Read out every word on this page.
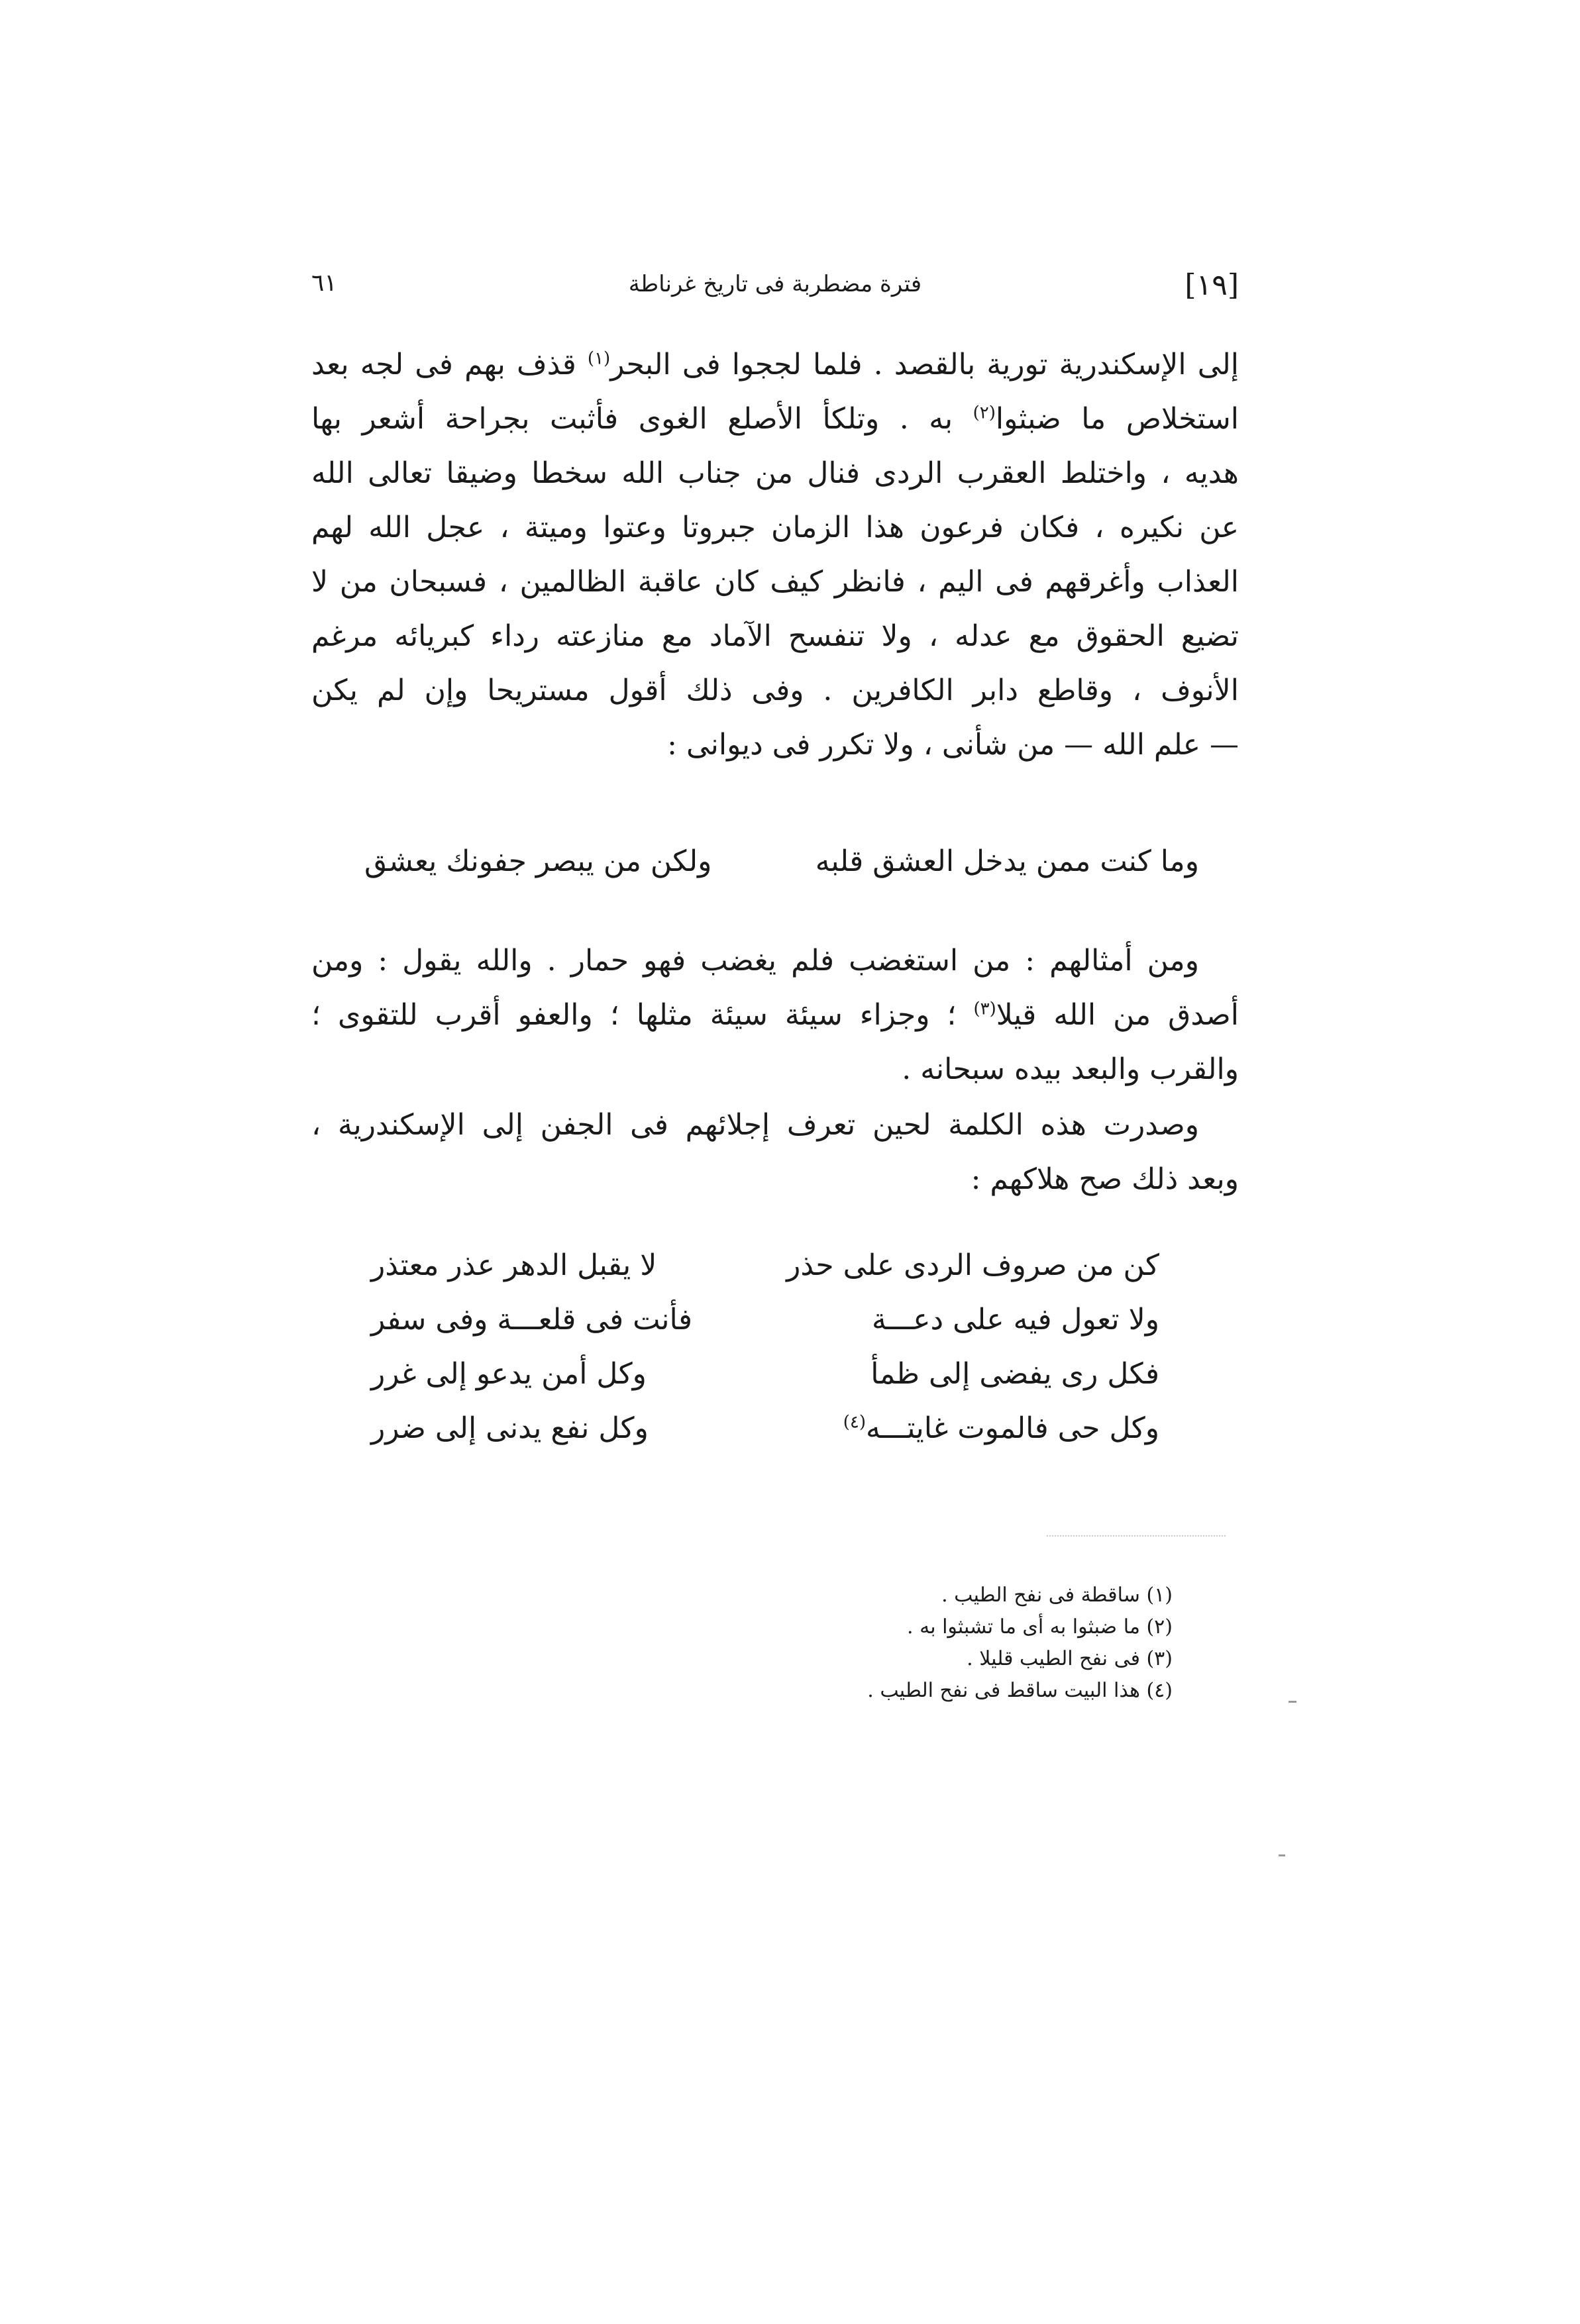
[١٩]
فترة مضطربة فى تاريخ غرناطة
٦١

إلى الإسكندرية تورية بالقصد . فلما لججوا فى البحر$^{(١)}$ قذف بهم فى لجه بعد
استخلاص ما ضبثوا$^{(٢)}$ به . وتلكأ الأصلع الغوى فأثبت بجراحة أشعر بها
هديه ، واختلط العقرب الردى فنال من جناب الله سخطا وضيقا تعالى الله
عن نكيره ، فكان فرعون هذا الزمان جبروتا وعتوا وميتة ، عجل الله لهم
العذاب وأغرقهم فى اليم ، فانظر كيف كان عاقبة الظالمين ، فسبحان من لا
تضيع الحقوق مع عدله ، ولا تنفسح الآماد مع منازعته رداء كبريائه مرغم
الأنوف ، وقاطع دابر الكافرين . وفى ذلك أقول مستريحا وإن لم يكن
— علم الله — من شأنى ، ولا تكرر فى ديوانى :

وما كنت ممن يدخل العشق قلبه
ولكن من يبصر جفونك يعشق

ومن أمثالهم : من استغضب فلم يغضب فهو حمار . والله يقول : ومن
أصدق من الله قيلا$^{(٣)}$ ؛ وجزاء سيئة سيئة مثلها ؛ والعفو أقرب للتقوى ؛
والقرب والبعد بيده سبحانه .

وصدرت هذه الكلمة لحين تعرف إجلائهم فى الجفن إلى الإسكندرية ،
وبعد ذلك صح هلاكهم :

كن من صروف الردى على حذر
لا يقبل الدهر عذر معتذر
ولا تعول فيه على دعـــة
فأنت فى قلعـــة وفى سفر
فكل رى يفضى إلى ظمأ
وكل أمن يدعو إلى غرر
وكل حى فالموت غايتـــه$^{(٤)}$
وكل نفع يدنى إلى ضرر
(١) ساقطة فى نفح الطيب .
(٢) ما ضبثوا به أى ما تشبثوا به .
(٣) فى نفح الطيب قليلا .
(٤) هذا البيت ساقط فى نفح الطيب .
